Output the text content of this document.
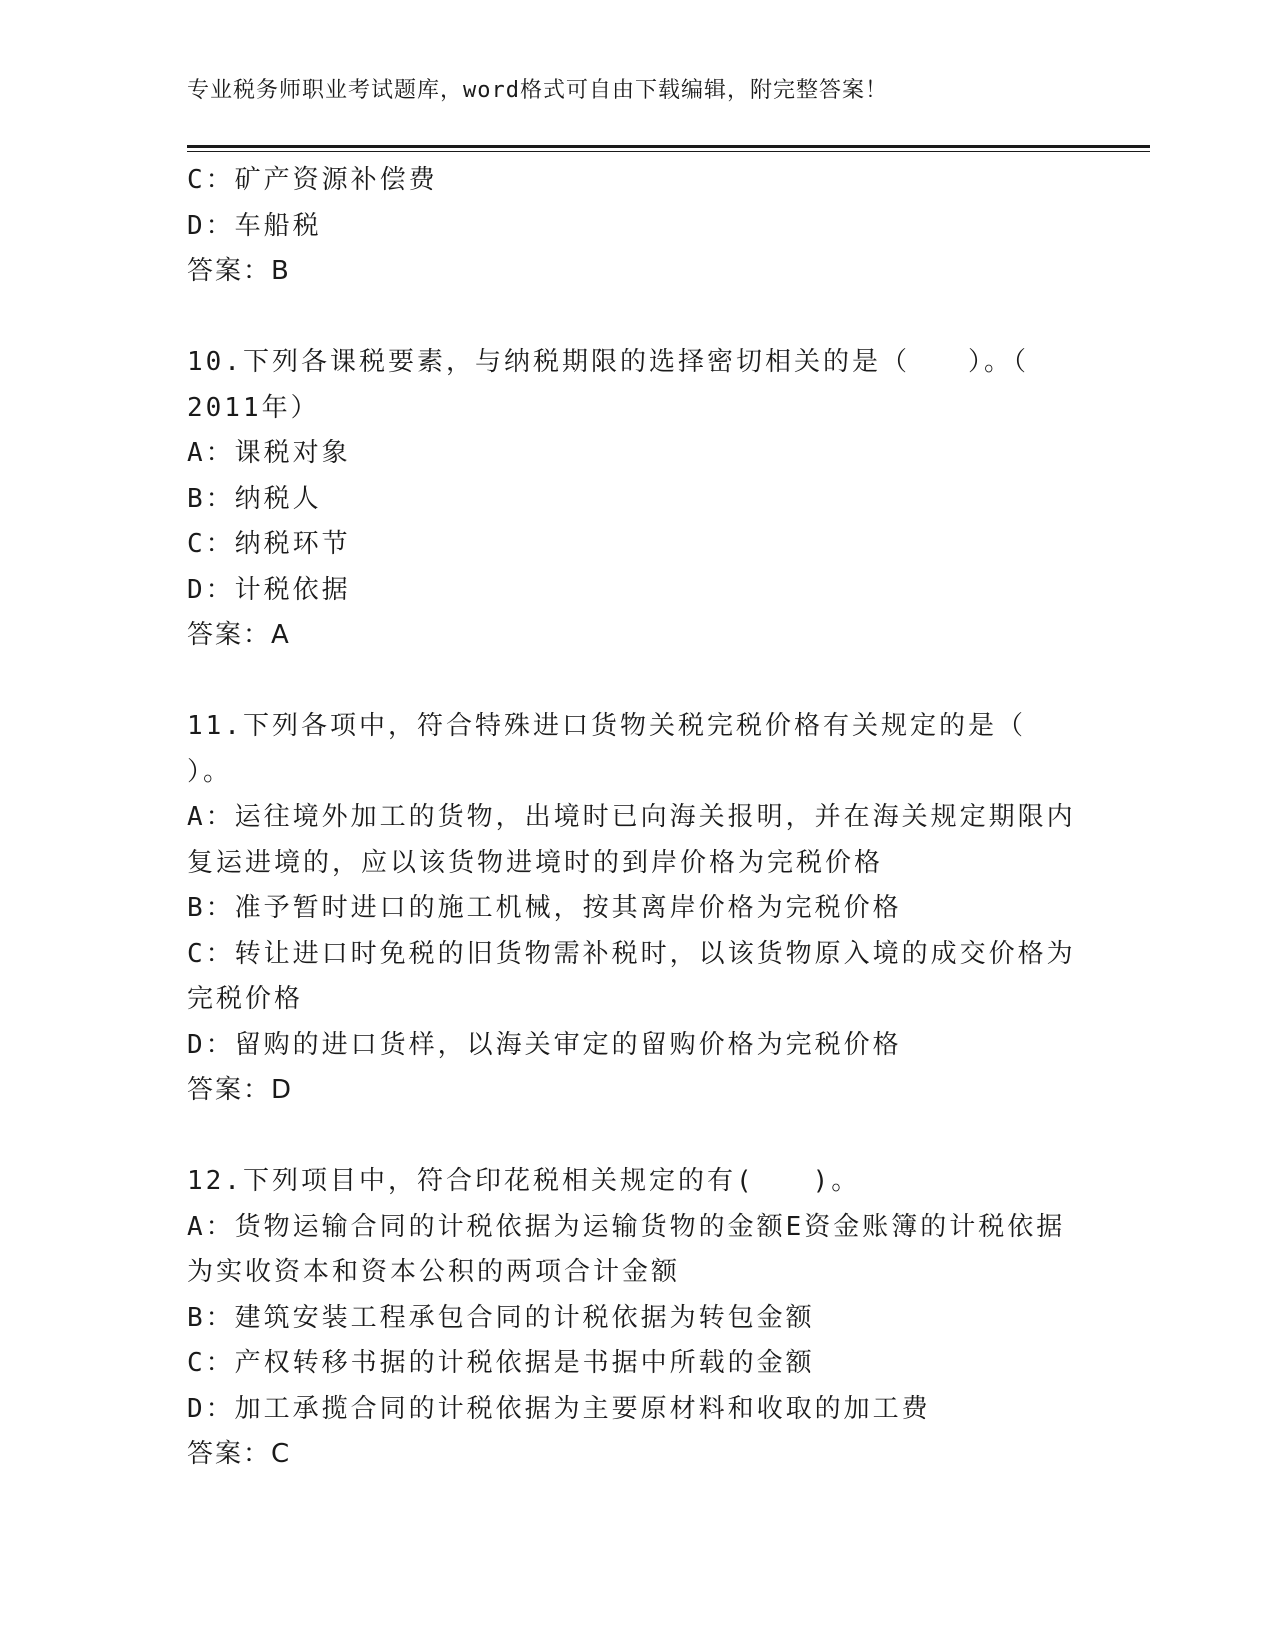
专业税务师职业考试题库，word格式可自由下载编辑，附完整答案！
C：矿产资源补偿费
D：车船税
答案：B
10.下列各课税要素，与纳税期限的选择密切相关的是（　　）。（
2011年）
A：课税对象
B：纳税人
C：纳税环节
D：计税依据
答案：A
11.下列各项中，符合特殊进口货物关税完税价格有关规定的是（
）。
A：运往境外加工的货物，出境时已向海关报明，并在海关规定期限内
复运进境的，应以该货物进境时的到岸价格为完税价格
B：准予暂时进口的施工机械，按其离岸价格为完税价格
C：转让进口时免税的旧货物需补税时，以该货物原入境的成交价格为
完税价格
D：留购的进口货样，以海关审定的留购价格为完税价格
答案：D
12.下列项目中，符合印花税相关规定的有(　　)。
A：货物运输合同的计税依据为运输货物的金额E资金账簿的计税依据
为实收资本和资本公积的两项合计金额
B：建筑安装工程承包合同的计税依据为转包金额
C：产权转移书据的计税依据是书据中所载的金额
D：加工承揽合同的计税依据为主要原材料和收取的加工费
答案：C
